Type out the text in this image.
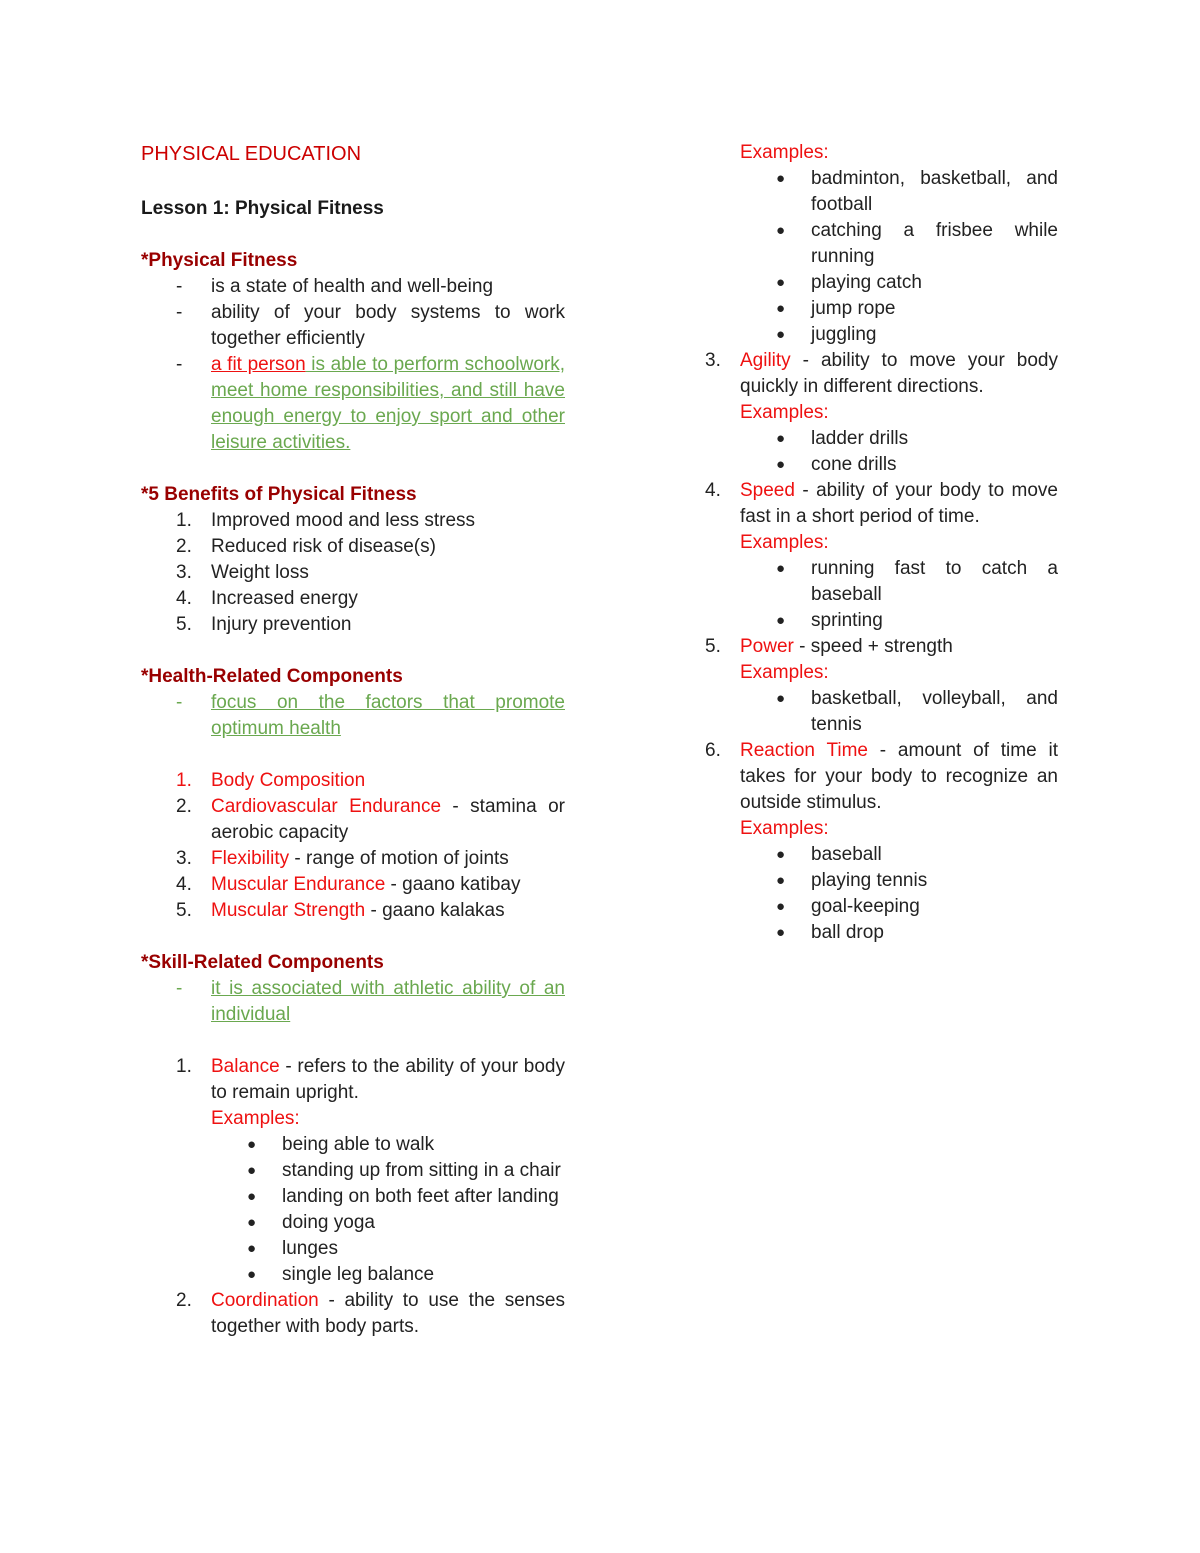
PHYSICAL EDUCATION
Lesson 1: Physical Fitness
*Physical Fitness
- is a state of health and well-being
- ability of your body systems to work together efficiently
- a fit person is able to perform schoolwork, meet home responsibilities, and still have enough energy to enjoy sport and other leisure activities.
*5 Benefits of Physical Fitness
1. Improved mood and less stress
2. Reduced risk of disease(s)
3. Weight loss
4. Increased energy
5. Injury prevention
*Health-Related Components
- focus on the factors that promote optimum health
1. Body Composition
2. Cardiovascular Endurance - stamina or aerobic capacity
3. Flexibility - range of motion of joints
4. Muscular Endurance - gaano katibay
5. Muscular Strength - gaano kalakas
*Skill-Related Components
- it is associated with athletic ability of an individual
1. Balance - refers to the ability of your body to remain upright.
Examples:
● being able to walk
● standing up from sitting in a chair
● landing on both feet after landing
● doing yoga
● lunges
● single leg balance
2. Coordination - ability to use the senses together with body parts.
Examples:
● badminton, basketball, and football
● catching a frisbee while running
● playing catch
● jump rope
● juggling
3. Agility - ability to move your body quickly in different directions.
Examples:
● ladder drills
● cone drills
4. Speed - ability of your body to move fast in a short period of time.
Examples:
● running fast to catch a baseball
● sprinting
5. Power - speed + strength
Examples:
● basketball, volleyball, and tennis
6. Reaction Time - amount of time it takes for your body to recognize an outside stimulus.
Examples:
● baseball
● playing tennis
● goal-keeping
● ball drop
